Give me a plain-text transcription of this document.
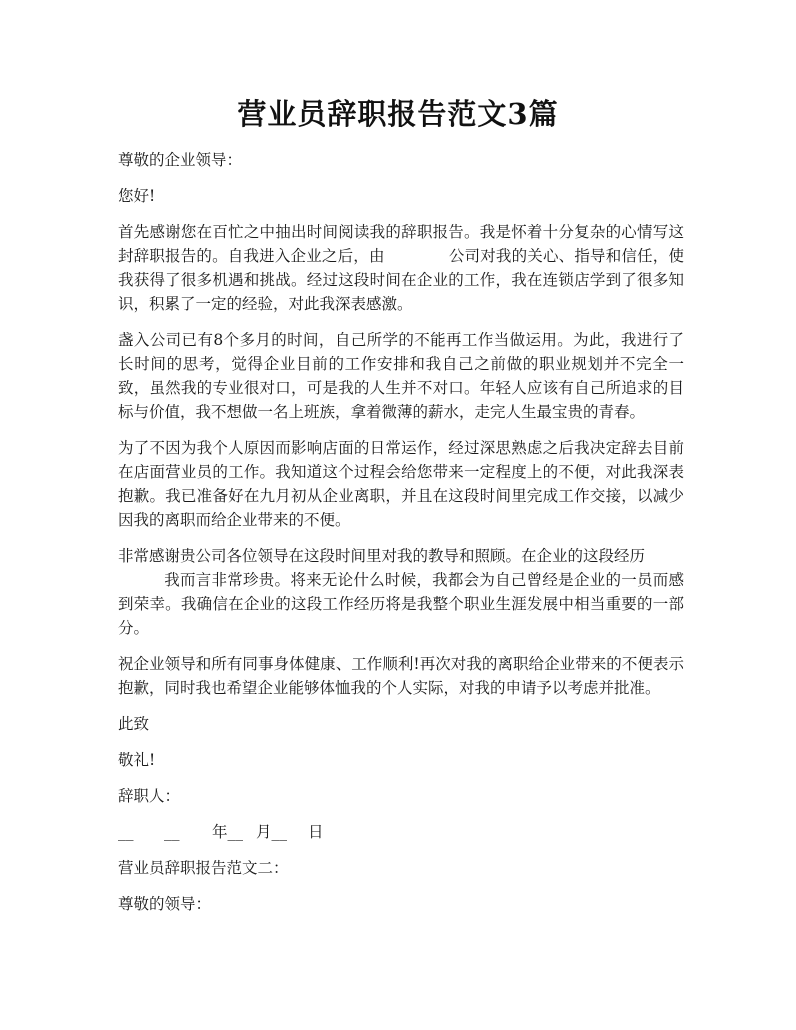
营业员辞职报告范文3篇

尊敬的企业领导：

您好!

首先感谢您在百忙之中抽出时间阅读我的辞职报告。我是怀着十分复杂的心情写这封辞职报告的。自我进入企业之后，由	公司对我的关心、指导和信任，使我获得了很多机遇和挑战。经过这段时间在企业的工作，我在连锁店学到了很多知识，积累了一定的经验，对此我深表感激。

盏入公司已有8个多月的时间，自己所学的不能再工作当做运用。为此，我进行了长时间的思考，觉得企业目前的工作安排和我自己之前做的职业规划并不完全一致，虽然我的专业很对口，可是我的人生并不对口。年轻人应该有自己所追求的目标与价值，我不想做一名上班族，拿着微薄的薪水，走完人生最宝贵的青春。

为了不因为我个人原因而影响店面的日常运作，经过深思熟虑之后我决定辞去目前在店面营业员的工作。我知道这个过程会给您带来一定程度上的不便，对此我深表抱歉。我已准备好在九月初从企业离职，并且在这段时间里完成工作交接，以减少因我的离职而给企业带来的不便。

非常感谢贵公司各位领导在这段时间里对我的教导和照顾。在企业的这段经历
我而言非常珍贵。将来无论什么时候，我都会为自己曾经是企业的一员而感到荣幸。我确信在企业的这段工作经历将是我整个职业生涯发展中相当重要的一部分。

祝企业领导和所有同事身体健康、工作顺利!再次对我的离职给企业带来的不便表示抱歉，同时我也希望企业能够体恤我的个人实际，对我的申请予以考虑并批准。

此致

敬礼!

辞职人：

__ __ 年__ 月__ 日

营业员辞职报告范文二：

尊敬的领导：
